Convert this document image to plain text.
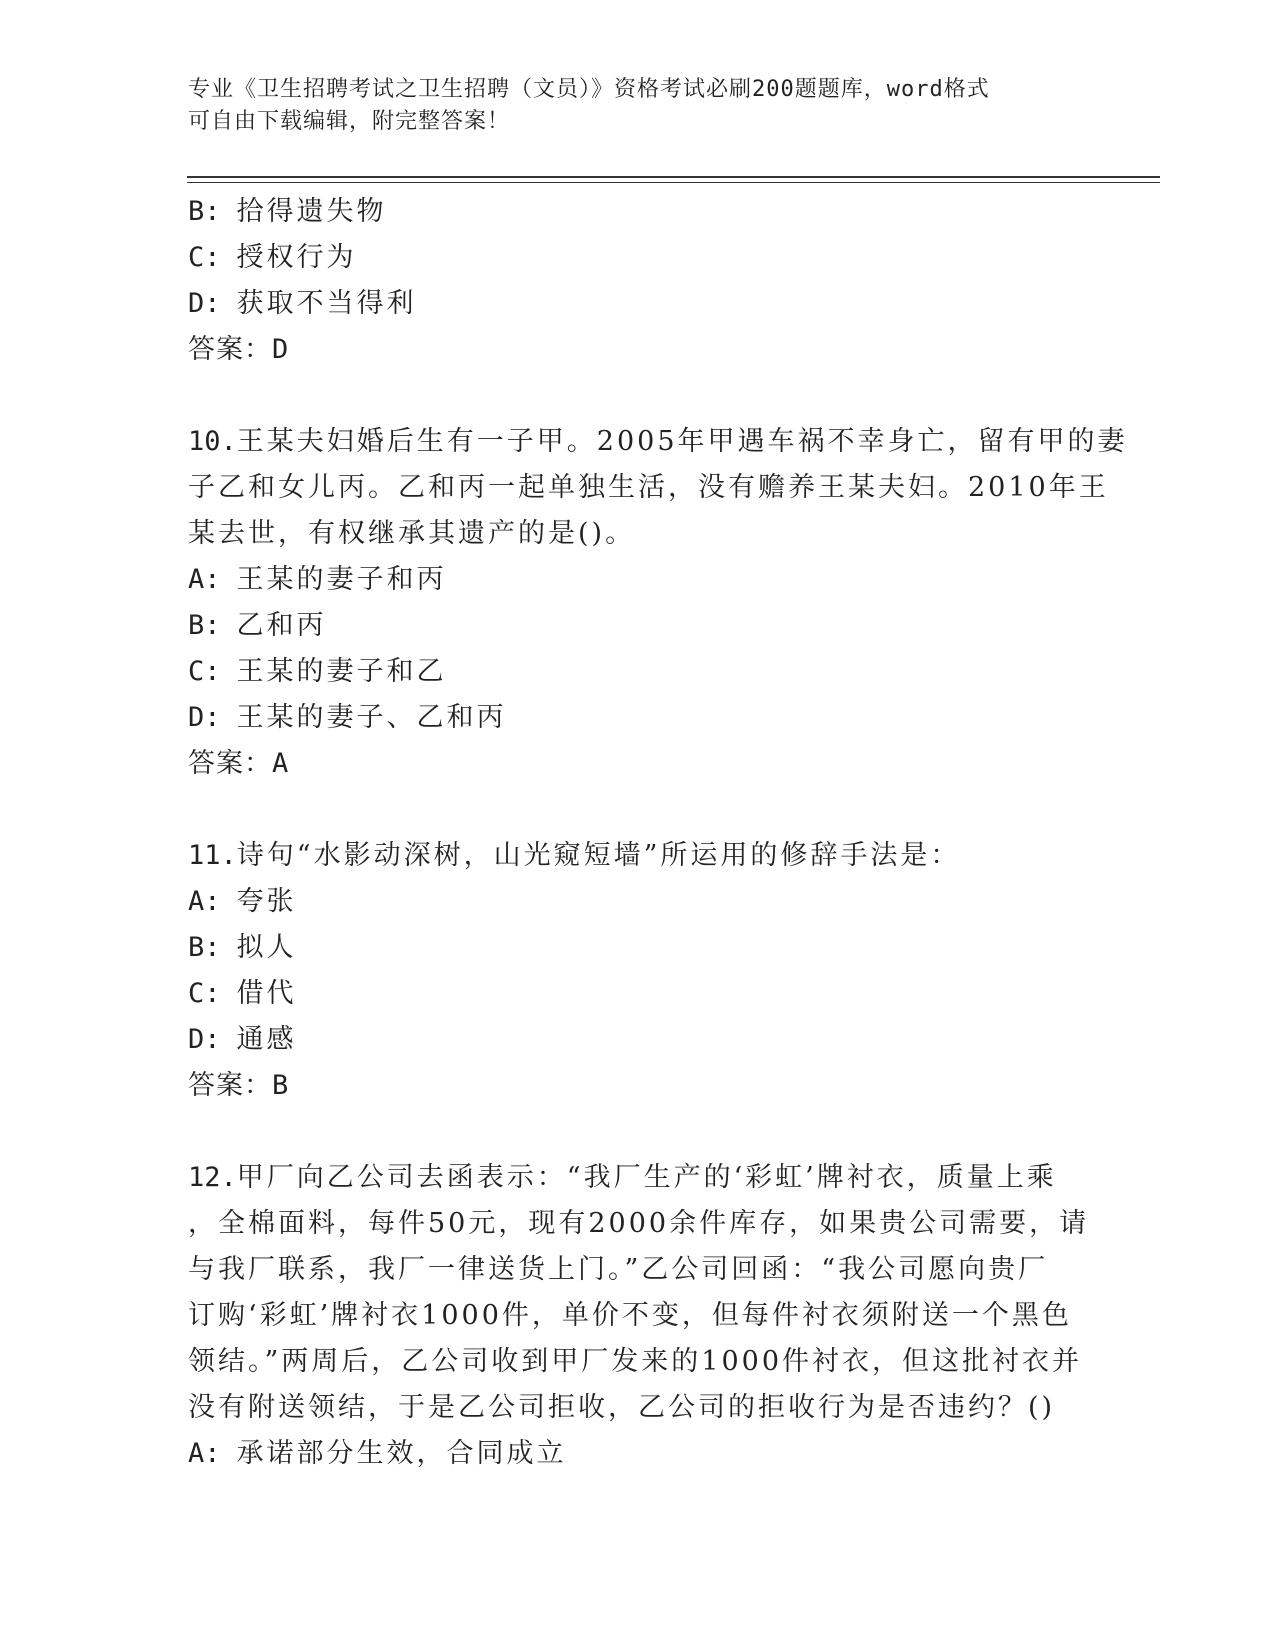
专业《卫生招聘考试之卫生招聘（文员）》资格考试必刷200题题库，word格式
可自由下载编辑，附完整答案！
B: 拾得遗失物
C: 授权行为
D: 获取不当得利
答案：D
10.王某夫妇婚后生有一子甲。2005年甲遇车祸不幸身亡，留有甲的妻
子乙和女儿丙。乙和丙一起单独生活，没有赡养王某夫妇。2010年王
某去世，有权继承其遗产的是()。
A: 王某的妻子和丙
B: 乙和丙
C: 王某的妻子和乙
D: 王某的妻子、乙和丙
答案：A
11.诗句“水影动深树，山光窥短墙”所运用的修辞手法是：
A: 夸张
B: 拟人
C: 借代
D: 通感
答案：B
12.甲厂向乙公司去函表示：“我厂生产的‘彩虹’牌衬衣，质量上乘
，全棉面料，每件50元，现有2000余件库存，如果贵公司需要，请
与我厂联系，我厂一律送货上门。”乙公司回函：“我公司愿向贵厂
订购‘彩虹’牌衬衣1000件，单价不变，但每件衬衣须附送一个黑色
领结。”两周后，乙公司收到甲厂发来的1000件衬衣，但这批衬衣并
没有附送领结，于是乙公司拒收，乙公司的拒收行为是否违约？()
A: 承诺部分生效，合同成立
